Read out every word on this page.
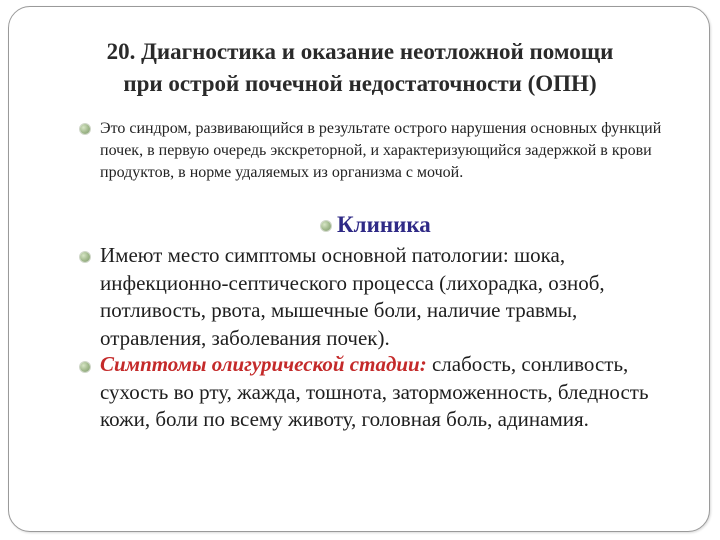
20. Диагностика и оказание неотложной помощи
при острой почечной недостаточности (ОПН)
Это синдром, развивающийся в результате острого нарушения основных функций почек, в первую очередь экскреторной, и характеризующийся задержкой в крови продуктов, в норме удаляемых из организма с мочой.
Клиника
Имеют место симптомы основной патологии: шока, инфекционно-септического процесса (лихорадка, озноб, потливость, рвота, мышечные боли, наличие травмы, отравления, заболевания почек).
Симптомы олигурической стадии: слабость, сонливость, сухость во рту, жажда, тошнота, заторможенность, бледность кожи, боли по всему животу, головная боль, адинамия.
